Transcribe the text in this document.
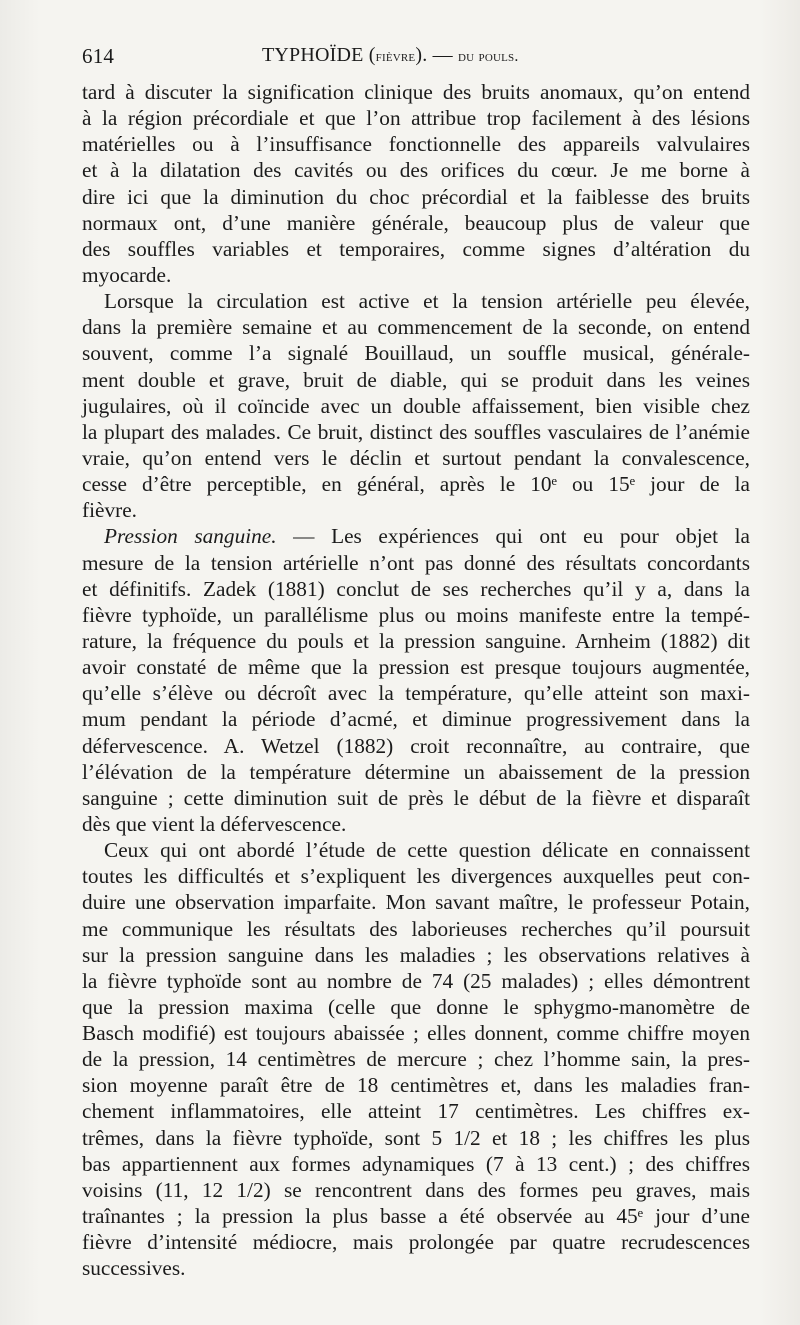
614	TYPHOÏDE (fièvre). — du pouls.
tard à discuter la signification clinique des bruits anomaux, qu’on entend
à la région précordiale et que l’on attribue trop facilement à des lésions
matérielles ou à l’insuffisance fonctionnelle des appareils valvulaires
et à la dilatation des cavités ou des orifices du cœur. Je me borne à
dire ici que la diminution du choc précordial et la faiblesse des bruits
normaux ont, d’une manière générale, beaucoup plus de valeur que
des souffles variables et temporaires, comme signes d’altération du
myocarde.
Lorsque la circulation est active et la tension artérielle peu élevée,
dans la première semaine et au commencement de la seconde, on entend
souvent, comme l’a signalé Bouillaud, un souffle musical, générale-
ment double et grave, bruit de diable, qui se produit dans les veines
jugulaires, où il coïncide avec un double affaissement, bien visible chez
la plupart des malades. Ce bruit, distinct des souffles vasculaires de l’anémie
vraie, qu’on entend vers le déclin et surtout pendant la convalescence,
cesse d’être perceptible, en général, après le 10ᵉ ou 15ᵉ jour de la
fièvre.
Pression sanguine. — Les expériences qui ont eu pour objet la
mesure de la tension artérielle n’ont pas donné des résultats concordants
et définitifs. Zadek (1881) conclut de ses recherches qu’il y a, dans la
fièvre typhoïde, un parallélisme plus ou moins manifeste entre la tempé-
rature, la fréquence du pouls et la pression sanguine. Arnheim (1882) dit
avoir constaté de même que la pression est presque toujours augmentée,
qu’elle s’élève ou décroît avec la température, qu’elle atteint son maxi-
mum pendant la période d’acmé, et diminue progressivement dans la
défervescence. A. Wetzel (1882) croit reconnaître, au contraire, que
l’élévation de la température détermine un abaissement de la pression
sanguine ; cette diminution suit de près le début de la fièvre et disparaît
dès que vient la défervescence.
Ceux qui ont abordé l’étude de cette question délicate en connaissent
toutes les difficultés et s’expliquent les divergences auxquelles peut con-
duire une observation imparfaite. Mon savant maître, le professeur Potain,
me communique les résultats des laborieuses recherches qu’il poursuit
sur la pression sanguine dans les maladies ; les observations relatives à
la fièvre typhoïde sont au nombre de 74 (25 malades) ; elles démontrent
que la pression maxima (celle que donne le sphygmo-manomètre de
Basch modifié) est toujours abaissée ; elles donnent, comme chiffre moyen
de la pression, 14 centimètres de mercure ; chez l’homme sain, la pres-
sion moyenne paraît être de 18 centimètres et, dans les maladies fran-
chement inflammatoires, elle atteint 17 centimètres. Les chiffres ex-
trêmes, dans la fièvre typhoïde, sont 5 1/2 et 18 ; les chiffres les plus
bas appartiennent aux formes adynamiques (7 à 13 cent.) ; des chiffres
voisins (11, 12 1/2) se rencontrent dans des formes peu graves, mais
traînantes ; la pression la plus basse a été observée au 45ᵉ jour d’une
fièvre d’intensité médiocre, mais prolongée par quatre recrudescences
successives.
